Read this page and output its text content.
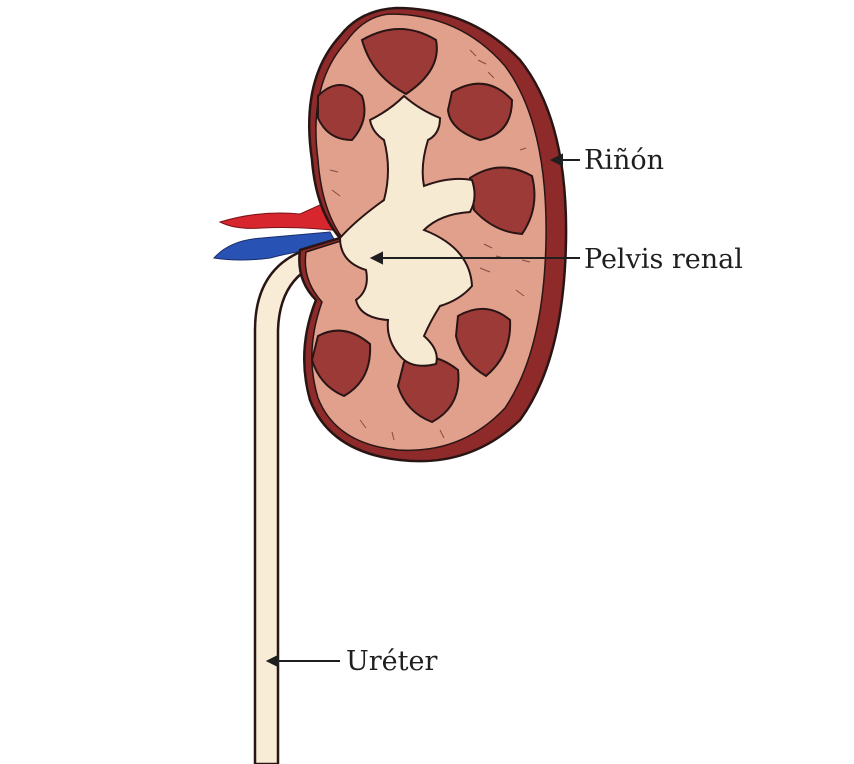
Riñón
Pelvis renal
Uréter
